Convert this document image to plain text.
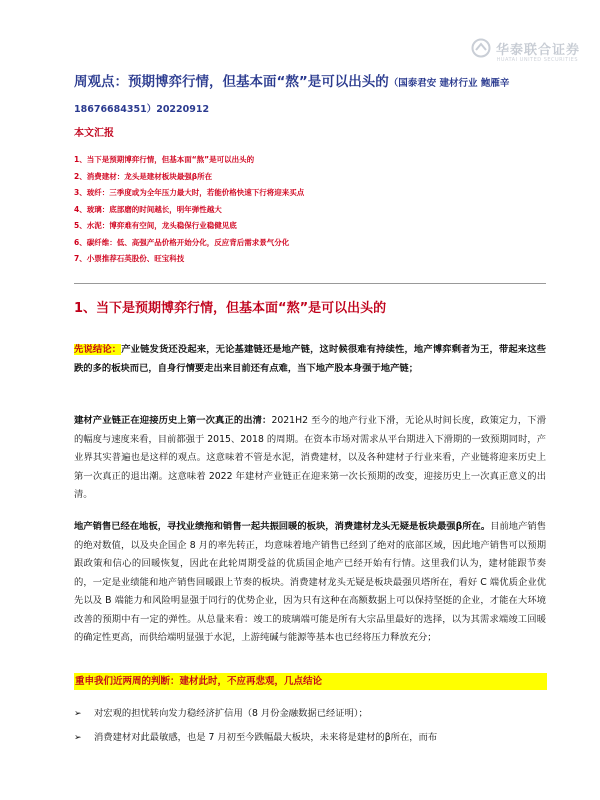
华泰联合证券
HUATAI UNITED SECURITIES
周观点：预期博弈行情，但基本面“熬”是可以出头的（国泰君安 建材行业 鲍雁辛 18676684351）20220912
本文汇报
1、当下是预期博弈行情，但基本面“熬”是可以出头的
2、消费建材：龙头是建材板块最强β所在
3、玻纤：三季度或为全年压力最大时，若能价格快速下行将迎来买点
4、玻璃：底部磨的时间越长，明年弹性越大
5、水泥：博弈难有空间，龙头稳保行业稳健见底
6、碳纤维：低、高强产品价格开始分化，反应背后需求景气分化
7、小票推荐石英股份、旺宝科技
1、当下是预期博弈行情，但基本面“熬”是可以出头的
先说结论：产业链发货还没起来，无论基建链还是地产链，这时候很难有持续性，地产博弈剩者为王，带起来这些跌的多的板块而已，自身行情要走出来目前还有点难，当下地产股本身强于地产链；
建材产业链正在迎接历史上第一次真正的出清：2021H2 至今的地产行业下滑，无论从时间长度，政策定力，下滑的幅度与速度来看，目前都强于 2015、2018 的周期。在资本市场对需求从平台期进入下滑期的一致预期同时，产业界其实普遍也是这样的观点。这意味着不管是水泥，消费建材，以及各种建材子行业来看，产业链将迎来历史上第一次真正的退出潮。这意味着 2022 年建材产业链正在迎来第一次长预期的改变，迎接历史上一次真正意义的出清。
地产销售已经在地板，寻找业绩拖和销售一起共振回暖的板块，消费建材龙头无疑是板块最强β所在。目前地产销售的绝对数值，以及央企国企 8 月的率先转正，均意味着地产销售已经到了绝对的底部区域，因此地产销售可以预期跟政策和信心的回暖恢复，因此在此轮周期受益的优质国企地产已经开始有行情。这里我们认为，建材能跟节奏的，一定是业绩能和地产销售回暖跟上节奏的板块。消费建材龙头无疑是板块最强贝塔所在，看好 C 端优质企业优先以及 B 端能力和风险明显强于同行的优势企业，因为只有这种在高额数据上可以保持坚挺的企业，才能在大环境改善的预期中有一定的弹性。从总量来看：竣工的玻璃端可能是所有大宗品里最好的选择，以为其需求端竣工回暖的确定性更高，而供给端明显强于水泥，上游纯碱与能源等基本也已经将压力释放充分；
重申我们近两周的判断：建材此时，不应再悲观，几点结论
➢ 对宏观的担忧转向发力稳经济扩信用（8 月份金融数据已经证明）；
➢ 消费建材对此最敏感，也是 7 月初至今跌幅最大板块，未来将是建材的β所在，而布
